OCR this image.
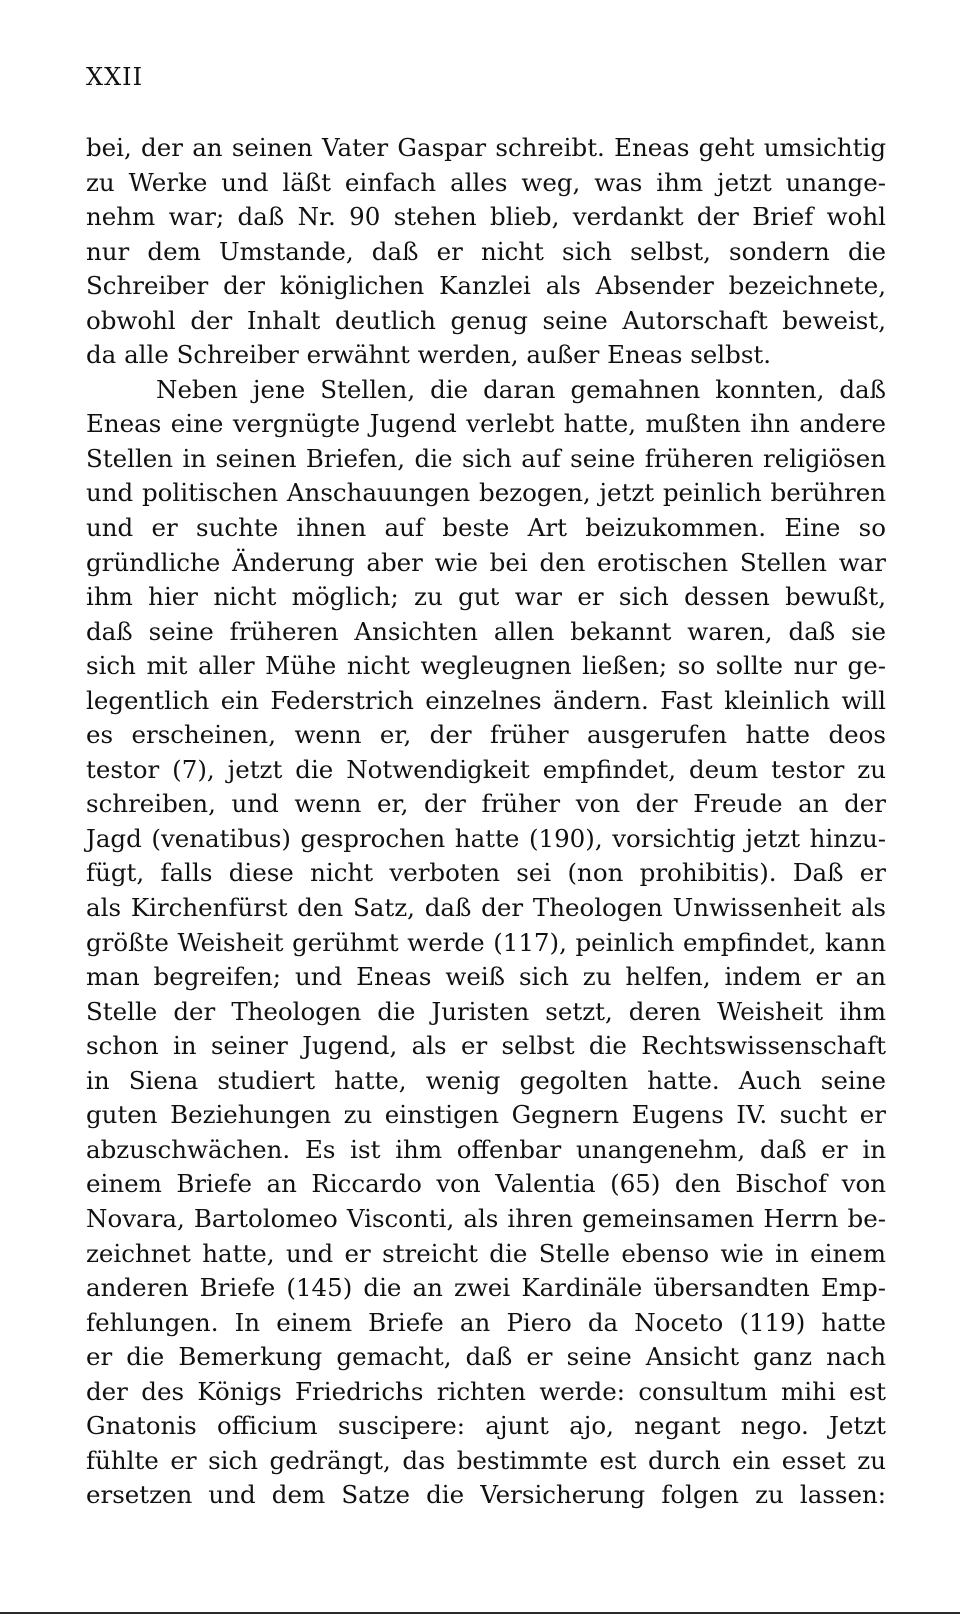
XXII
bei, der an seinen Vater Gaspar schreibt. Eneas geht umsichtig
zu Werke und läßt einfach alles weg, was ihm jetzt unange-
nehm war; daß Nr. 90 stehen blieb, verdankt der Brief wohl
nur dem Umstande, daß er nicht sich selbst, sondern die
Schreiber der königlichen Kanzlei als Absender bezeichnete,
obwohl der Inhalt deutlich genug seine Autorschaft beweist,
da alle Schreiber erwähnt werden, außer Eneas selbst.
Neben jene Stellen, die daran gemahnen konnten, daß
Eneas eine vergnügte Jugend verlebt hatte, mußten ihn andere
Stellen in seinen Briefen, die sich auf seine früheren religiösen
und politischen Anschauungen bezogen, jetzt peinlich berühren
und er suchte ihnen auf beste Art beizukommen. Eine so
gründliche Änderung aber wie bei den erotischen Stellen war
ihm hier nicht möglich; zu gut war er sich dessen bewußt,
daß seine früheren Ansichten allen bekannt waren, daß sie
sich mit aller Mühe nicht wegleugnen ließen; so sollte nur ge-
legentlich ein Federstrich einzelnes ändern. Fast kleinlich will
es erscheinen, wenn er, der früher ausgerufen hatte deos
testor (7), jetzt die Notwendigkeit empfindet, deum testor zu
schreiben, und wenn er, der früher von der Freude an der
Jagd (venatibus) gesprochen hatte (190), vorsichtig jetzt hinzu-
fügt, falls diese nicht verboten sei (non prohibitis). Daß er
als Kirchenfürst den Satz, daß der Theologen Unwissenheit als
größte Weisheit gerühmt werde (117), peinlich empfindet, kann
man begreifen; und Eneas weiß sich zu helfen, indem er an
Stelle der Theologen die Juristen setzt, deren Weisheit ihm
schon in seiner Jugend, als er selbst die Rechtswissenschaft
in Siena studiert hatte, wenig gegolten hatte. Auch seine
guten Beziehungen zu einstigen Gegnern Eugens IV. sucht er
abzuschwächen. Es ist ihm offenbar unangenehm, daß er in
einem Briefe an Riccardo von Valentia (65) den Bischof von
Novara, Bartolomeo Visconti, als ihren gemeinsamen Herrn be-
zeichnet hatte, und er streicht die Stelle ebenso wie in einem
anderen Briefe (145) die an zwei Kardinäle übersandten Emp-
fehlungen. In einem Briefe an Piero da Noceto (119) hatte
er die Bemerkung gemacht, daß er seine Ansicht ganz nach
der des Königs Friedrichs richten werde: consultum mihi est
Gnatonis officium suscipere: ajunt ajo, negant nego. Jetzt
fühlte er sich gedrängt, das bestimmte est durch ein esset zu
ersetzen und dem Satze die Versicherung folgen zu lassen:
